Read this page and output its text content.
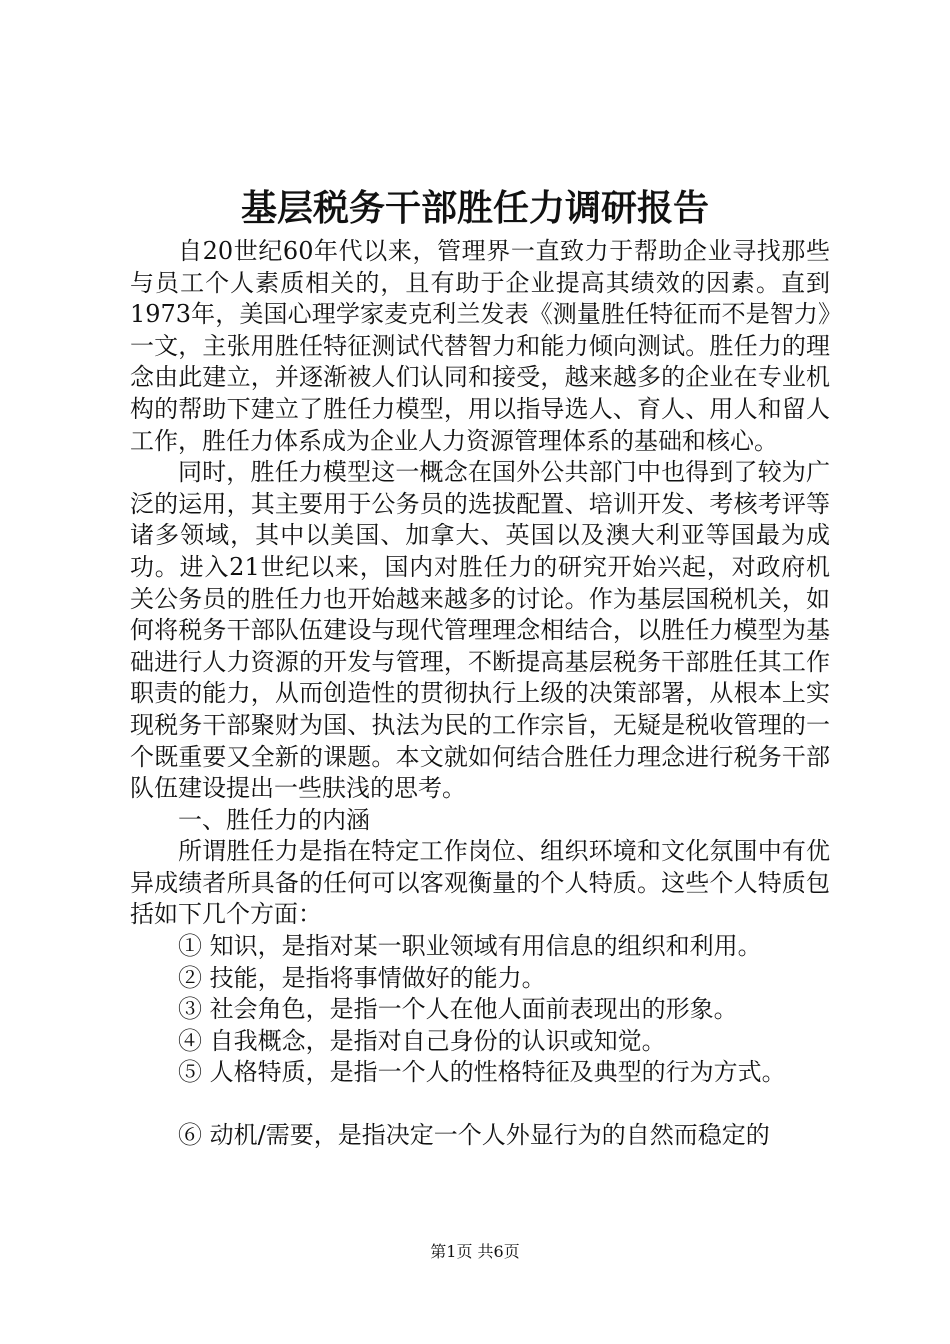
基层税务干部胜任力调研报告

自20世纪60年代以来，管理界一直致力于帮助企业寻找那些与员工个人素质相关的，且有助于企业提高其绩效的因素。直到1973年，美国心理学家麦克利兰发表《测量胜任特征而不是智力》一文，主张用胜任特征测试代替智力和能力倾向测试。胜任力的理念由此建立，并逐渐被人们认同和接受，越来越多的企业在专业机构的帮助下建立了胜任力模型，用以指导选人、育人、用人和留人工作，胜任力体系成为企业人力资源管理体系的基础和核心。

同时，胜任力模型这一概念在国外公共部门中也得到了较为广泛的运用，其主要用于公务员的选拔配置、培训开发、考核考评等诸多领域，其中以美国、加拿大、英国以及澳大利亚等国最为成功。进入21世纪以来，国内对胜任力的研究开始兴起，对政府机关公务员的胜任力也开始越来越多的讨论。作为基层国税机关，如何将税务干部队伍建设与现代管理理念相结合，以胜任力模型为基础进行人力资源的开发与管理，不断提高基层税务干部胜任其工作职责的能力，从而创造性的贯彻执行上级的决策部署，从根本上实现税务干部聚财为国、执法为民的工作宗旨，无疑是税收管理的一个既重要又全新的课题。本文就如何结合胜任力理念进行税务干部队伍建设提出一些肤浅的思考。

一、胜任力的内涵

所谓胜任力是指在特定工作岗位、组织环境和文化氛围中有优异成绩者所具备的任何可以客观衡量的个人特质。这些个人特质包括如下几个方面：

① 知识，是指对某一职业领域有用信息的组织和利用。

② 技能，是指将事情做好的能力。

③ 社会角色，是指一个人在他人面前表现出的形象。

④ 自我概念，是指对自己身份的认识或知觉。

⑤ 人格特质，是指一个人的性格特征及典型的行为方式。

⑥ 动机/需要，是指决定一个人外显行为的自然而稳定的

第1页 共6页
